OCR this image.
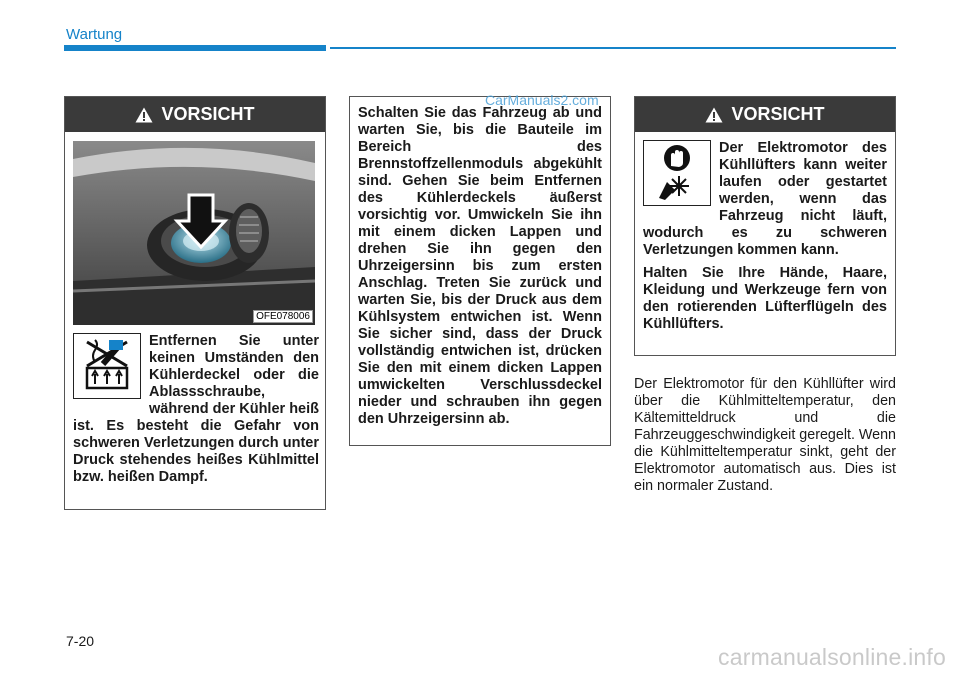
Wartung
VORSICHT
OFE078006

Entfernen Sie unter keinen Umständen den Kühlerdeckel oder die Ablassschraube, während der Kühler heiß ist. Es besteht die Gefahr von schweren Verletzungen durch unter Druck stehendes heißes Kühlmittel bzw. heißen Dampf.

Schalten Sie das Fahrzeug ab und warten Sie, bis die Bauteile im Bereich des Brennstoffzellenmoduls abgekühlt sind. Gehen Sie beim Entfernen des Kühlerdeckels äußerst vorsichtig vor. Umwickeln Sie ihn mit einem dicken Lappen und drehen Sie ihn gegen den Uhrzeigersinn bis zum ersten Anschlag. Treten Sie zurück und warten Sie, bis der Druck aus dem Kühlsystem entwichen ist. Wenn Sie sicher sind, dass der Druck vollständig entwichen ist, drücken Sie den mit einem dicken Lappen umwickelten Verschlussdeckel nieder und schrauben ihn gegen den Uhrzeigersinn ab.

VORSICHT

Der Elektromotor des Kühllüfters kann weiter laufen oder gestartet werden, wenn das Fahrzeug nicht läuft, wodurch es zu schweren Verletzungen kommen kann.

Halten Sie Ihre Hände, Haare, Kleidung und Werkzeuge fern von den rotierenden Lüfterflügeln des Kühllüfters.

Der Elektromotor für den Kühllüfter wird über die Kühlmitteltemperatur, den Kältemitteldruck und die Fahrzeuggeschwindigkeit geregelt. Wenn die Kühlmitteltemperatur sinkt, geht der Elektromotor automatisch aus. Dies ist ein normaler Zustand.
CarManuals2.com
carmanualsonline.info
7-20
